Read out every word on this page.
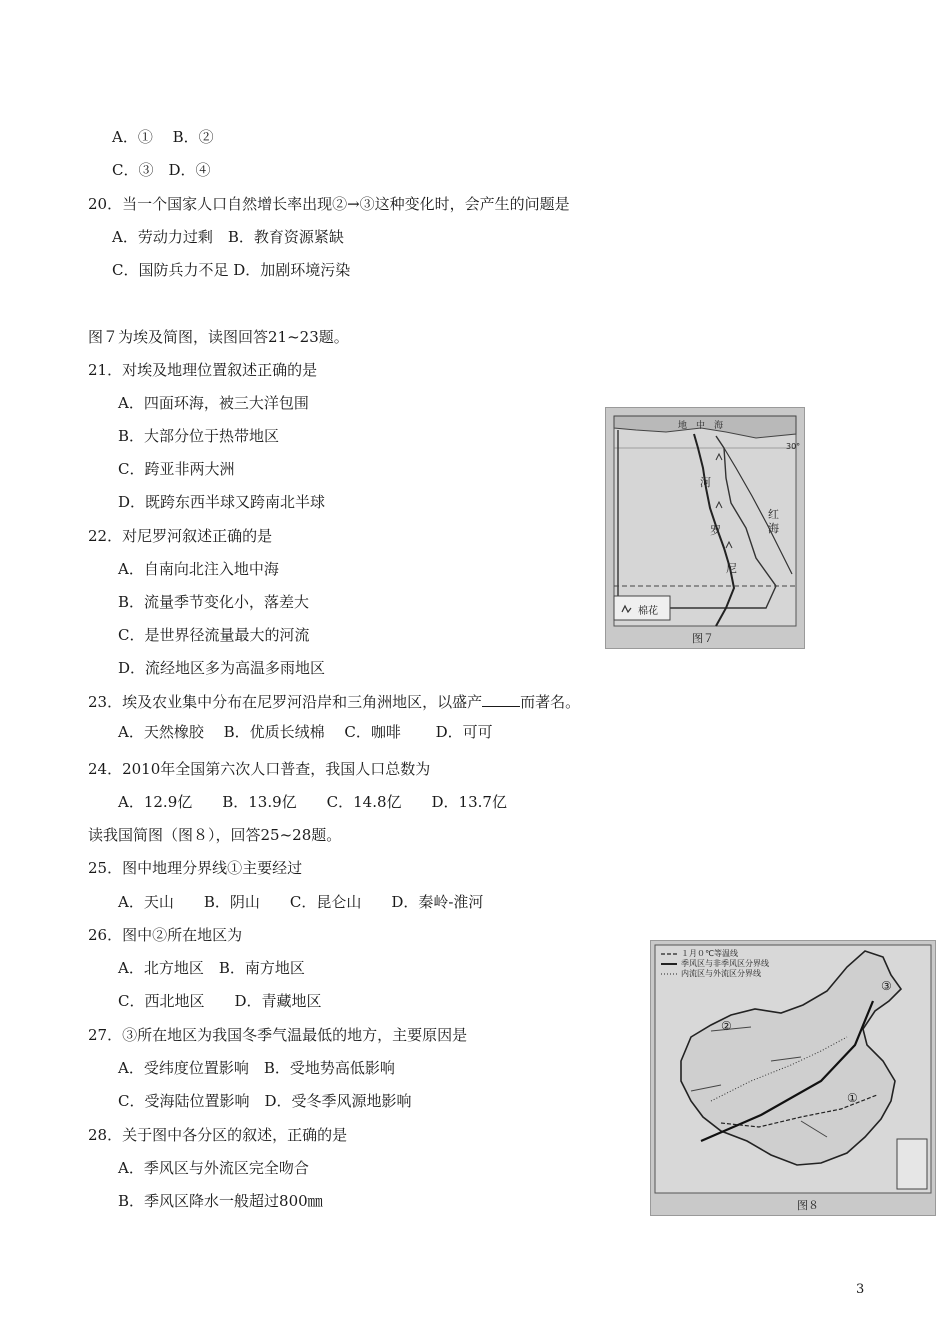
A．①　 B．②
C．③　D．④
20．当一个国家人口自然增长率出现②→③这种变化时，会产生的问题是
A．劳动力过剩　B．教育资源紧缺
C．国防兵力不足 D．加剧环境污染
图７为埃及简图，读图回答21~23题。
21．对埃及地理位置叙述正确的是
A．四面环海，被三大洋包围
B．大部分位于热带地区
C．跨亚非两大洲
D．既跨东西半球又跨南北半球
22．对尼罗河叙述正确的是
A．自南向北注入地中海
B．流量季节变化小，落差大
C．是世界径流量最大的河流
D．流经地区多为高温多雨地区
23．埃及农业集中分布在尼罗河沿岸和三角洲地区，以盛产	而著名。
A．天然橡胶　 B．优质长绒棉　 C．咖啡　　 D．可可
24．2010年全国第六次人口普查，我国人口总数为
A．12.9亿　　B．13.9亿　　C．14.8亿　　D．13.7亿
读我国简图（图８），回答25~28题。
25．图中地理分界线①主要经过
A．天山　　B．阴山　　C．昆仑山　　D．秦岭-淮河
26．图中②所在地区为
A．北方地区　B．南方地区
C．西北地区　　D．青藏地区
27．③所在地区为我国冬季气温最低的地方，主要原因是
A．受纬度位置影响　B．受地势高低影响
C．受海陆位置影响　D．受冬季风源地影响
28．关于图中各分区的叙述，正确的是
A．季风区与外流区完全吻合
B．季风区降水一般超过800㎜
地　中　海
30°
河
罗
尼
红
海
棉花
图７
１月０℃等温线
季风区与非季风区分界线
内流区与外流区分界线
①
②
③
图８
3
